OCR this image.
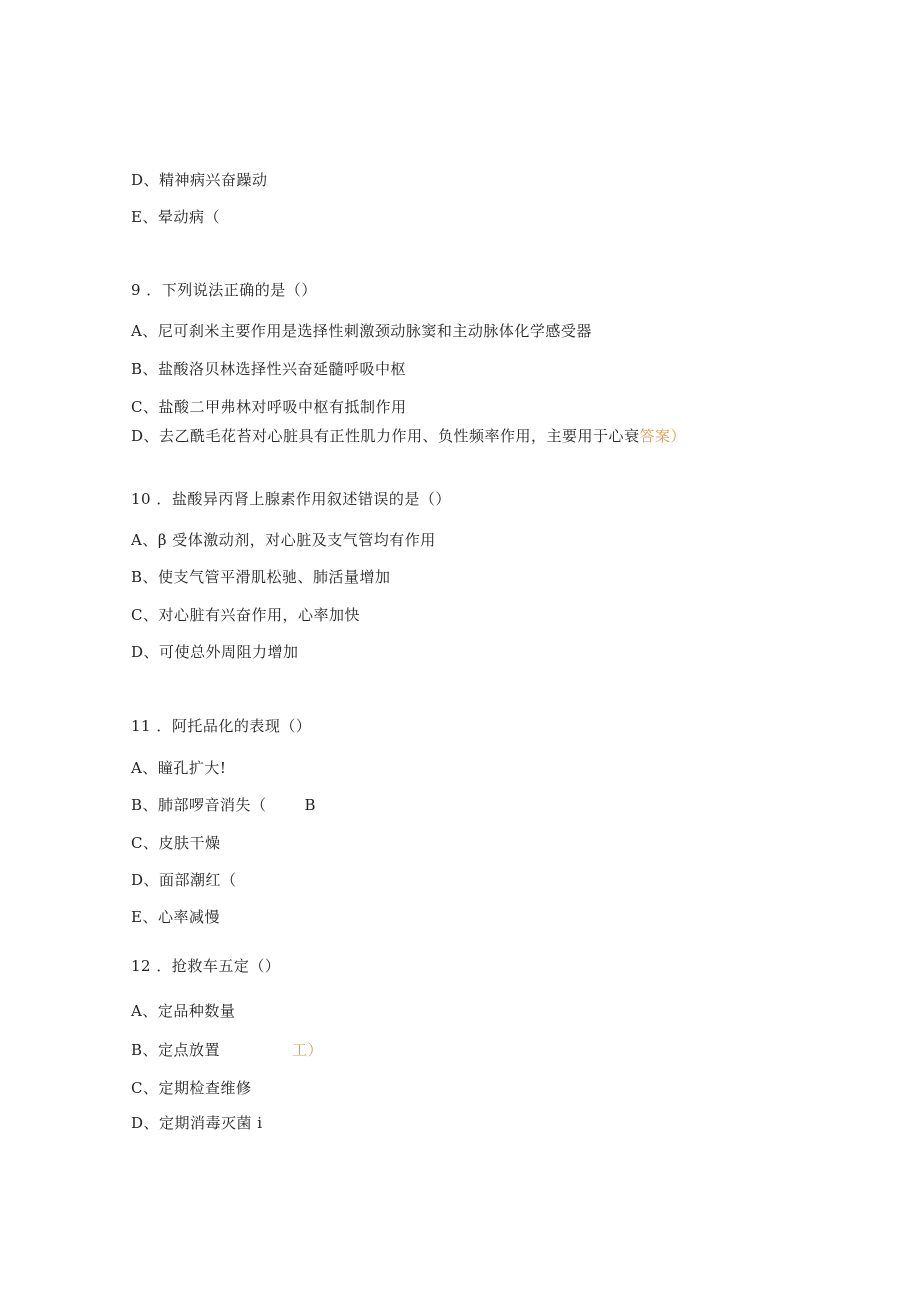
D、精神病兴奋躁动
E、晕动病（
9 ．下列说法正确的是（）
A、尼可刹米主要作用是选择性刺激颈动脉窦和主动脉体化学感受器
B、盐酸洛贝林选择性兴奋延髓呼吸中枢
C、盐酸二甲弗林对呼吸中枢有抵制作用
D、去乙酰毛花苔对心脏具有正性肌力作用、负性频率作用，主要用于心衰答案）
10 ．盐酸异丙肾上腺素作用叙述错误的是（）
A、β 受体激动剂，对心脏及支气管均有作用
B、使支气管平滑肌松驰、肺活量增加
C、对心脏有兴奋作用，心率加快
D、可使总外周阻力增加
11 ．阿托品化的表现（）
A、瞳孔扩大!
B、肺部啰音消失（	B
C、皮肤干燥
D、面部潮红（
E、心率减慢
12 ．抢救车五定（）
A、定品种数量
B、定点放置	工）
C、定期检查维修
D、定期消毒灭菌 i
